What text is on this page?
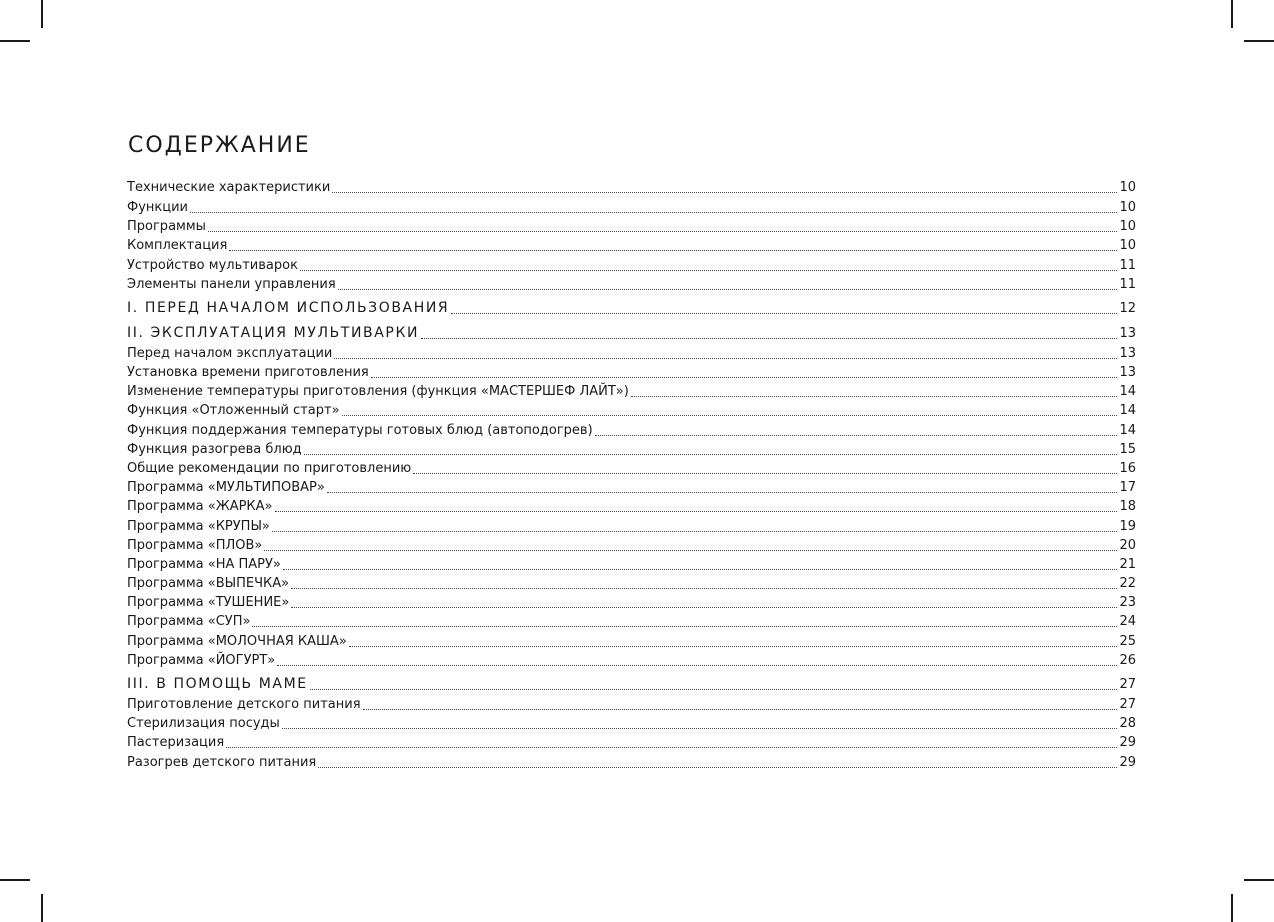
СОДЕРЖАНИЕ
Технические характеристики	10
Функции	10
Программы	10
Комплектация	10
Устройство мультиварок	11
Элементы панели управления	11
I. ПЕРЕД НАЧАЛОМ ИСПОЛЬЗОВАНИЯ	12
II. ЭКСПЛУАТАЦИЯ МУЛЬТИВАРКИ	13
Перед началом эксплуатации	13
Установка времени приготовления	13
Изменение температуры приготовления (функция «МАСТЕРШЕФ ЛАЙТ»)	14
Функция «Отложенный старт»	14
Функция поддержания температуры готовых блюд (автоподогрев)	14
Функция разогрева блюд	15
Общие рекомендации по приготовлению	16
Программа «МУЛЬТИПОВАР»	17
Программа «ЖАРКА»	18
Программа «КРУПЫ»	19
Программа «ПЛОВ»	20
Программа «НА ПАРУ»	21
Программа «ВЫПЕЧКА»	22
Программа «ТУШЕНИЕ»	23
Программа «СУП»	24
Программа «МОЛОЧНАЯ КАША»	25
Программа «ЙОГУРТ»	26
III. В ПОМОЩЬ МАМЕ	27
Приготовление детского питания	27
Стерилизация посуды	28
Пастеризация	29
Разогрев детского питания	29
